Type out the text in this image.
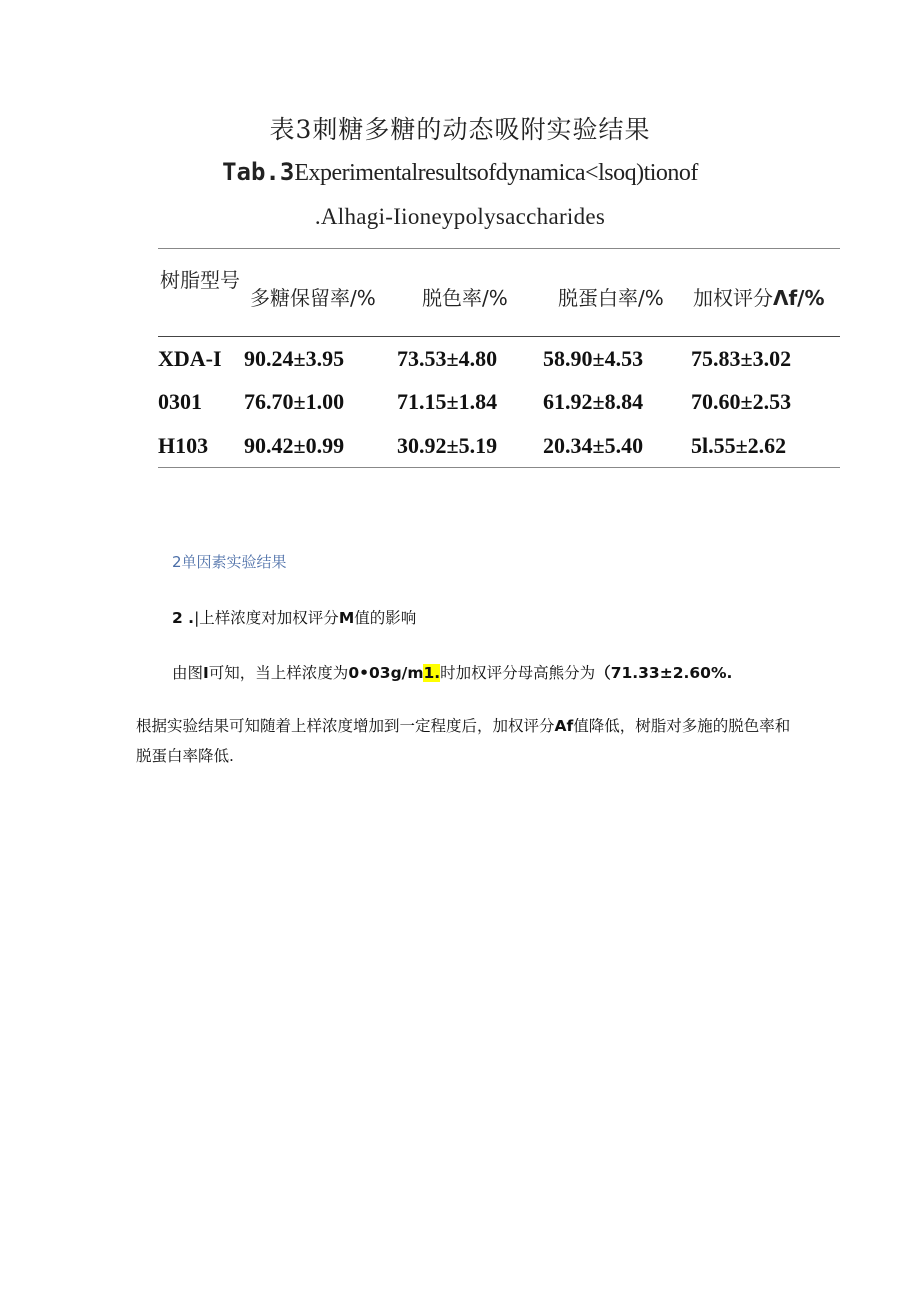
表3刺糖多糖的动态吸附实验结果
Tab.3Experimentalresultsofdynamica<lsoq)tionof
.Alhagi-Iioneypolysaccharides
树脂型号
多糖保留率/% 脱色率/%	脱蛋白率/% 加权评分Λf/%
XDA-I 90.24±3.95 73.53±4.80 58.90±4.53 75.83±3.02
0301 76.70±1.00 71.15±1.84 61.92±8.84 70.60±2.53
H103 90.42±0.99 30.92±5.19 20.34±5.40 5l.55±2.62
2单因素实验结果
2 .|上样浓度对加权评分M值的影响
由图I可知，当上样浓度为0•03g/m1.时加权评分母高熊分为（71.33±2.60%.
根据实验结果可知随着上样浓度增加到一定程度后，加权评分Af值降低，树脂对多施的脱色率和
脱蛋白率降低.
